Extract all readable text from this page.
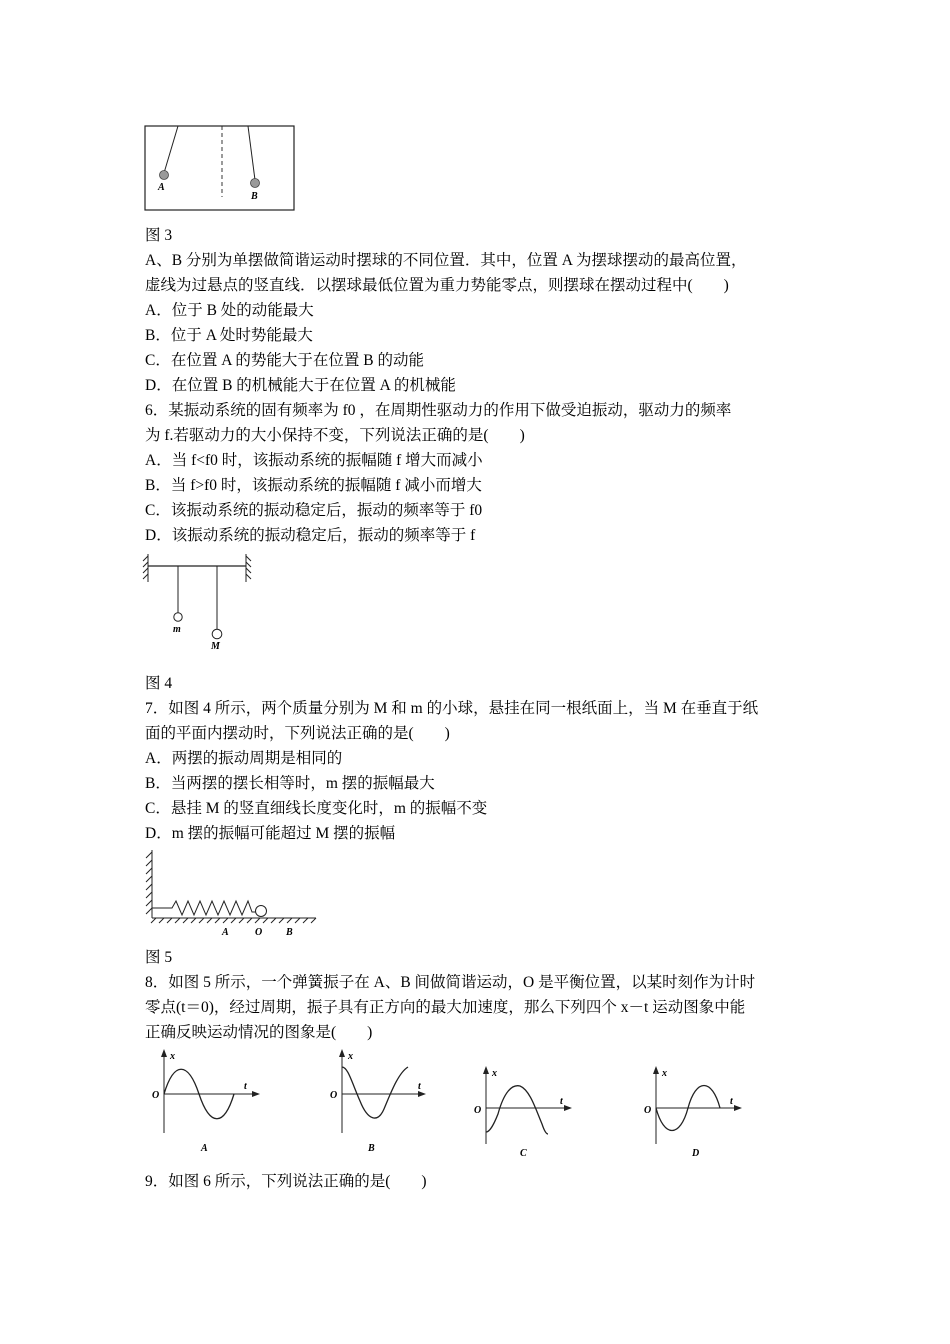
A
B
图 3
A、B 分别为单摆做简谐运动时摆球的不同位置．其中，位置 A 为摆球摆动的最高位置，
虚线为过悬点的竖直线．以摆球最低位置为重力势能零点，则摆球在摆动过程中(　　)
A．位于 B 处的动能最大
B．位于 A 处时势能最大
C．在位置 A 的势能大于在位置 B 的动能
D．在位置 B 的机械能大于在位置 A 的机械能
6．某振动系统的固有频率为 f0 ，在周期性驱动力的作用下做受迫振动，驱动力的频率
为 f.若驱动力的大小保持不变，下列说法正确的是(　　)
A．当 f<f0 时，该振动系统的振幅随 f 增大而减小
B．当 f>f0 时，该振动系统的振幅随 f 减小而增大
C．该振动系统的振动稳定后，振动的频率等于 f0
D．该振动系统的振动稳定后，振动的频率等于 f
m
M
图 4
7．如图 4 所示，两个质量分别为 M 和 m 的小球，悬挂在同一根纸面上，当 M 在垂直于纸
面的平面内摆动时，下列说法正确的是(　　)
A．两摆的振动周期是相同的
B．当两摆的摆长相等时，m 摆的振幅最大
C．悬挂 M 的竖直细线长度变化时，m 的振幅不变
D．m 摆的振幅可能超过 M 摆的振幅
A	O B
图 5
8．如图 5 所示，一个弹簧振子在 A、B 间做简谐运动，O 是平衡位置，以某时刻作为计时
零点(t＝0)，经过周期，振子具有正方向的最大加速度，那么下列四个 x－t 运动图象中能
正确反映运动情况的图象是(　　)
x
t
O
A
x
t
O
B
x
t
O
C
x
t
O
D
9．如图 6 所示，下列说法正确的是(　　)
